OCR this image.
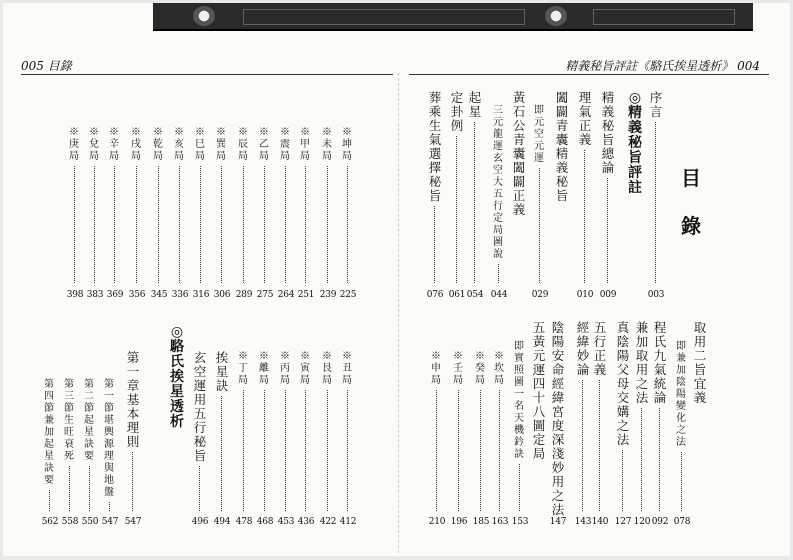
005 目錄	精義秘旨評註《駱氏挨星透析》 004
目
錄
序言
003
◎精義秘旨評註
精義秘旨總論
009
理氣正義
010
闔闢青囊精義秘旨
即元空元運
029
黃石公青囊闔闢正義
三元龍運玄空大五行定局圖說
044
起星
054
定卦例
061
葬乘生氣選擇秘旨
076
取用二旨宜義
即兼加陰陽變化之法
078
程氏九氣統論
092
兼加取用之法
120
真陰陽父母交媾之法
127
五行正義
140
經緯妙論
143
陰陽安命經緯宮度深淺妙用之法
147
五黃元運四十八圖定局
即實照圖 一名天機鈐訣
153
※坎局
163
※癸局
185
※壬局
196
※申局
210
※坤局
225
※未局
239
※甲局
251
※震局
264
※乙局
275
※辰局
289
※巽局
306
※巳局
316
※亥局
336
※乾局
345
※戌局
356
※辛局
369
※兌局
383
※庚局
398
※丑局
412
※艮局
422
※寅局
436
※丙局
453
※離局
468
※丁局
478
挨星訣
494
玄空運用五行秘旨
496
◎駱氏挨星透析
第一章 基本理則
547
第一節 堪輿源理與地盤
547
第二節 起星訣要
550
第三節 生旺衰死
558
第四節 兼加起星訣要
562
